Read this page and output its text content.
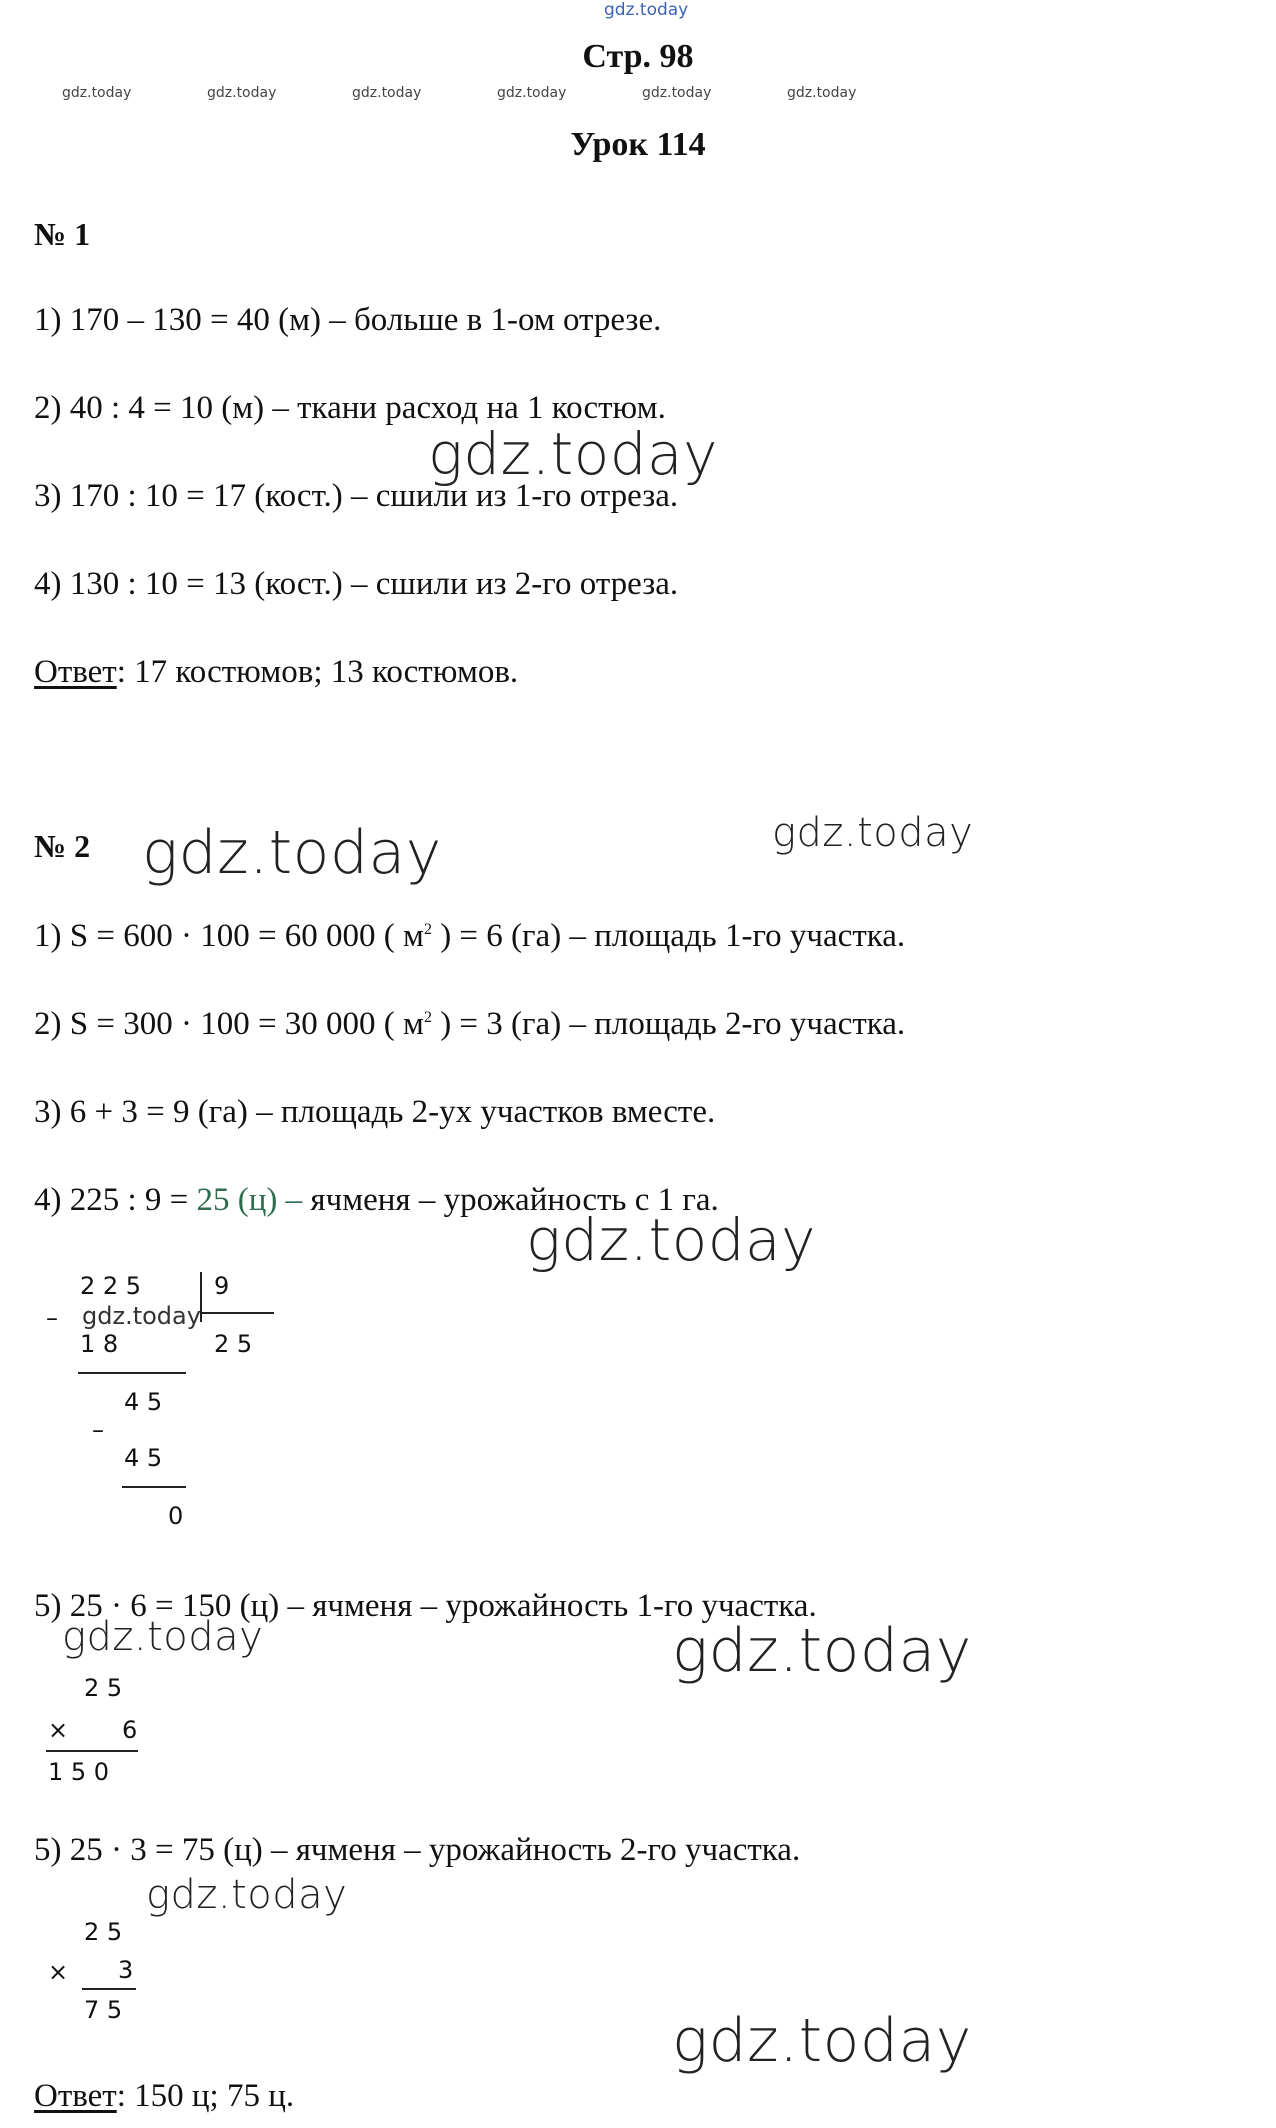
gdz.today
Стр. 98
gdz.today	gdz.today	gdz.today	gdz.today	gdz.today	gdz.today
Урок 114
№ 1
1) 170 – 130 = 40 (м) – больше в 1-ом отрезе.
2) 40 : 4 = 10 (м) – ткани расход на 1 костюм.
gdz.today
3) 170 : 10 = 17 (кост.) – сшили из 1-го отреза.
4) 130 : 10 = 13 (кост.) – сшили из 2-го отреза.
Ответ: 17 костюмов; 13 костюмов.
№ 2 gdz.today	gdz.today
1) S = 600 · 100 = 60 000 ( $м^2$ ) = 6 (га) – площадь 1-го участка.
2) S = 300 · 100 = 30 000 ( $м^2$ ) = 3 (га) – площадь 2-го участка.
3) 6 + 3 = 9 (га) – площадь 2-ух участков вместе.
4) 225 : 9 = 25 (ц) – ячменя – урожайность с 1 га.
gdz.today
2 2 5	9
– gdz.today
1 8	2 5
4 5
–
4 5
0
5) 25 · 6 = 150 (ц) – ячменя – урожайность 1-го участка.
gdz.today	gdz.today
2 5
× 6
1 5 0
5) 25 · 3 = 75 (ц) – ячменя – урожайность 2-го участка.
gdz.today
2 5
× 3
7 5	gdz.today
Ответ: 150 ц; 75 ц.
